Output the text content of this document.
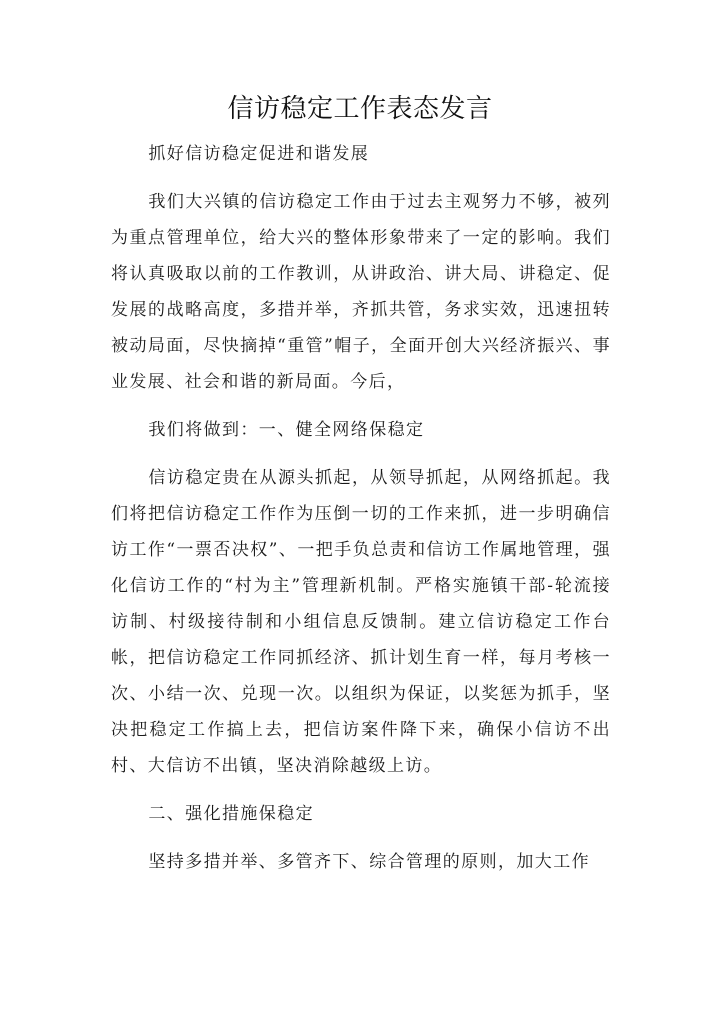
信访稳定工作表态发言

抓好信访稳定促进和谐发展

我们大兴镇的信访稳定工作由于过去主观努力不够，被列为重点管理单位，给大兴的整体形象带来了一定的影响。我们将认真吸取以前的工作教训，从讲政治、讲大局、讲稳定、促发展的战略高度，多措并举，齐抓共管，务求实效，迅速扭转被动局面，尽快摘掉“重管”帽子，全面开创大兴经济振兴、事业发展、社会和谐的新局面。今后，

我们将做到：一、健全网络保稳定

信访稳定贵在从源头抓起，从领导抓起，从网络抓起。我们将把信访稳定工作作为压倒一切的工作来抓，进一步明确信访工作“一票否决权”、一把手负总责和信访工作属地管理，强化信访工作的“村为主”管理新机制。严格实施镇干部-轮流接访制、村级接待制和小组信息反馈制。建立信访稳定工作台帐，把信访稳定工作同抓经济、抓计划生育一样，每月考核一次、小结一次、兑现一次。以组织为保证，以奖惩为抓手，坚决把稳定工作搞上去，把信访案件降下来，确保小信访不出村、大信访不出镇，坚决消除越级上访。

二、强化措施保稳定

坚持多措并举、多管齐下、综合管理的原则，加大工作
